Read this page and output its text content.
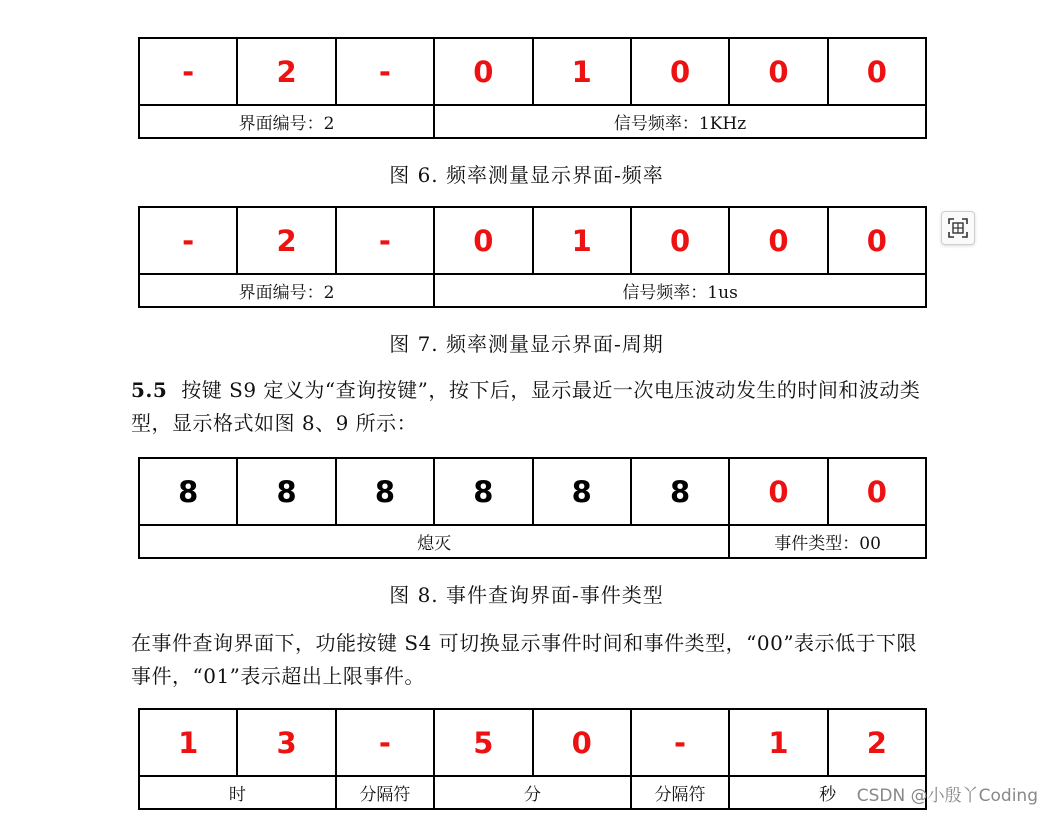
-	2	-	0	1	0	0	0
界面编号：2			信号频率：1KHz				
图 6. 频率测量显示界面-频率
-	2	-	0	1	0	0	0
界面编号：2			信号频率：1us				
图 7. 频率测量显示界面-周期
5.5 按键 S9 定义为“查询按键”，按下后，显示最近一次电压波动发生的时间和波动类型，显示格式如图 8、9 所示：
8	8	8	8	8	8	0	0
熄灭						事件类型：00	
图 8. 事件查询界面-事件类型
在事件查询界面下，功能按键 S4 可切换显示事件时间和事件类型，“00”表示低于下限事件，“01”表示超出上限事件。
1	3	-	5	0	-	1	2
时		分隔符	分		分隔符	秒	CSDN @小殷丫Coding
